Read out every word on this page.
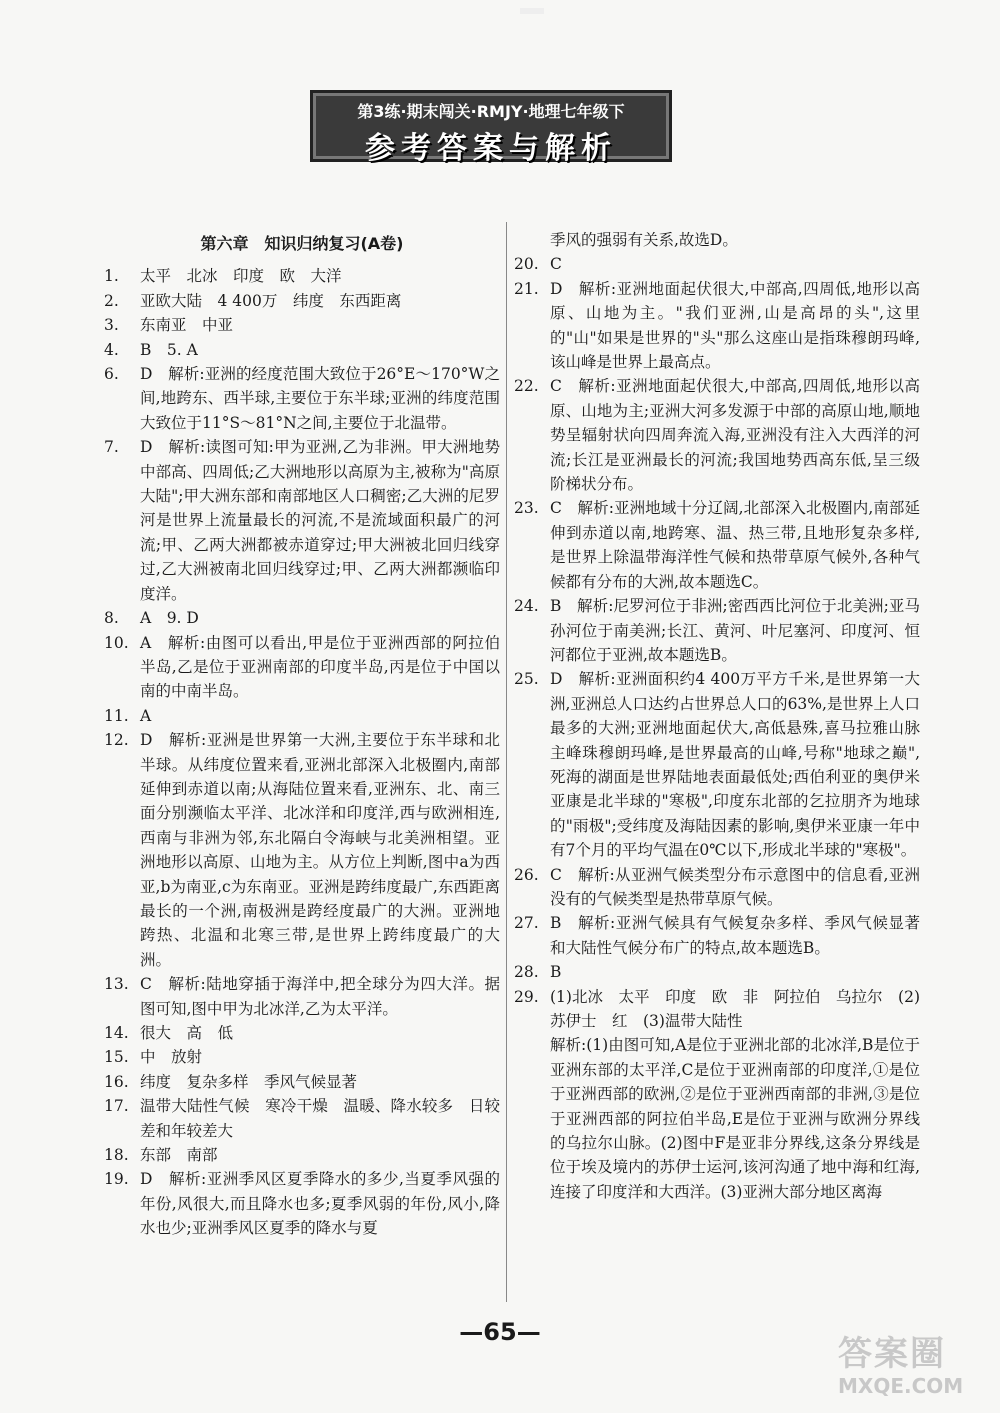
第3练·期末闯关·RMJY·地理七年级下
参考答案与解析
第六章　知识归纳复习(A卷)
1.	太平　北冰　印度　欧　大洋
2.	亚欧大陆　4 400万　纬度　东西距离
3.	东南亚　中亚
4.	B　5. A
6.	D　解析:亚洲的经度范围大致位于26°E～170°W之间,地跨东、西半球,主要位于东半球;亚洲的纬度范围大致位于11°S～81°N之间,主要位于北温带。
7.	D　解析:读图可知:甲为亚洲,乙为非洲。甲大洲地势中部高、四周低;乙大洲地形以高原为主,被称为"高原大陆";甲大洲东部和南部地区人口稠密;乙大洲的尼罗河是世界上流量最长的河流,不是流域面积最广的河流;甲、乙两大洲都被赤道穿过;甲大洲被北回归线穿过,乙大洲被南北回归线穿过;甲、乙两大洲都濒临印度洋。
8.	A　9. D
10. A　解析:由图可以看出,甲是位于亚洲西部的阿拉伯半岛,乙是位于亚洲南部的印度半岛,丙是位于中国以南的中南半岛。
11. A
12. D　解析:亚洲是世界第一大洲,主要位于东半球和北半球。从纬度位置来看,亚洲北部深入北极圈内,南部延伸到赤道以南;从海陆位置来看,亚洲东、北、南三面分别濒临太平洋、北冰洋和印度洋,西与欧洲相连,西南与非洲为邻,东北隔白令海峡与北美洲相望。亚洲地形以高原、山地为主。从方位上判断,图中a为西亚,b为南亚,c为东南亚。亚洲是跨纬度最广,东西距离最长的一个洲,南极洲是跨经度最广的大洲。亚洲地跨热、北温和北寒三带,是世界上跨纬度最广的大洲。
13. C　解析:陆地穿插于海洋中,把全球分为四大洋。据图可知,图中甲为北冰洋,乙为太平洋。
14. 很大　高　低
15. 中　放射
16. 纬度　复杂多样　季风气候显著
17. 温带大陆性气候　寒冷干燥　温暖、降水较多　日较差和年较差大
18. 东部　南部
19. D　解析:亚洲季风区夏季降水的多少,当夏季风强的年份,风很大,而且降水也多;夏季风弱的年份,风小,降水也少;亚洲季风区夏季的降水与夏
季风的强弱有关系,故选D。
20. C
21. D　解析:亚洲地面起伏很大,中部高,四周低,地形以高原、山地为主。"我们亚洲,山是高昂的头",这里的"山"如果是世界的"头"那么这座山是指珠穆朗玛峰,该山峰是世界上最高点。
22. C　解析:亚洲地面起伏很大,中部高,四周低,地形以高原、山地为主;亚洲大河多发源于中部的高原山地,顺地势呈辐射状向四周奔流入海,亚洲没有注入大西洋的河流;长江是亚洲最长的河流;我国地势西高东低,呈三级阶梯状分布。
23. C　解析:亚洲地域十分辽阔,北部深入北极圈内,南部延伸到赤道以南,地跨寒、温、热三带,且地形复杂多样,是世界上除温带海洋性气候和热带草原气候外,各种气候都有分布的大洲,故本题选C。
24. B　解析:尼罗河位于非洲;密西西比河位于北美洲;亚马孙河位于南美洲;长江、黄河、叶尼塞河、印度河、恒河都位于亚洲,故本题选B。
25. D　解析:亚洲面积约4 400万平方千米,是世界第一大洲,亚洲总人口达约占世界总人口的63%,是世界上人口最多的大洲;亚洲地面起伏大,高低悬殊,喜马拉雅山脉主峰珠穆朗玛峰,是世界最高的山峰,号称"地球之巅",死海的湖面是世界陆地表面最低处;西伯利亚的奥伊米亚康是北半球的"寒极",印度东北部的乞拉朋齐为地球的"雨极";受纬度及海陆因素的影响,奥伊米亚康一年中有7个月的平均气温在0℃以下,形成北半球的"寒极"。
26. C　解析:从亚洲气候类型分布示意图中的信息看,亚洲没有的气候类型是热带草原气候。
27. B　解析:亚洲气候具有气候复杂多样、季风气候显著和大陆性气候分布广的特点,故本题选B。
28. B
29. (1)北冰　太平　印度　欧　非　阿拉伯　乌拉尔　(2)苏伊士　红　(3)温带大陆性
解析:(1)由图可知,A是位于亚洲北部的北冰洋,B是位于亚洲东部的太平洋,C是位于亚洲南部的印度洋,①是位于亚洲西部的欧洲,②是位于亚洲西南部的非洲,③是位于亚洲西部的阿拉伯半岛,E是位于亚洲与欧洲分界线的乌拉尔山脉。(2)图中F是亚非分界线,这条分界线是位于埃及境内的苏伊士运河,该河沟通了地中海和红海,连接了印度洋和大西洋。(3)亚洲大部分地区离海
—65—
答案圈
MXQE.COM
